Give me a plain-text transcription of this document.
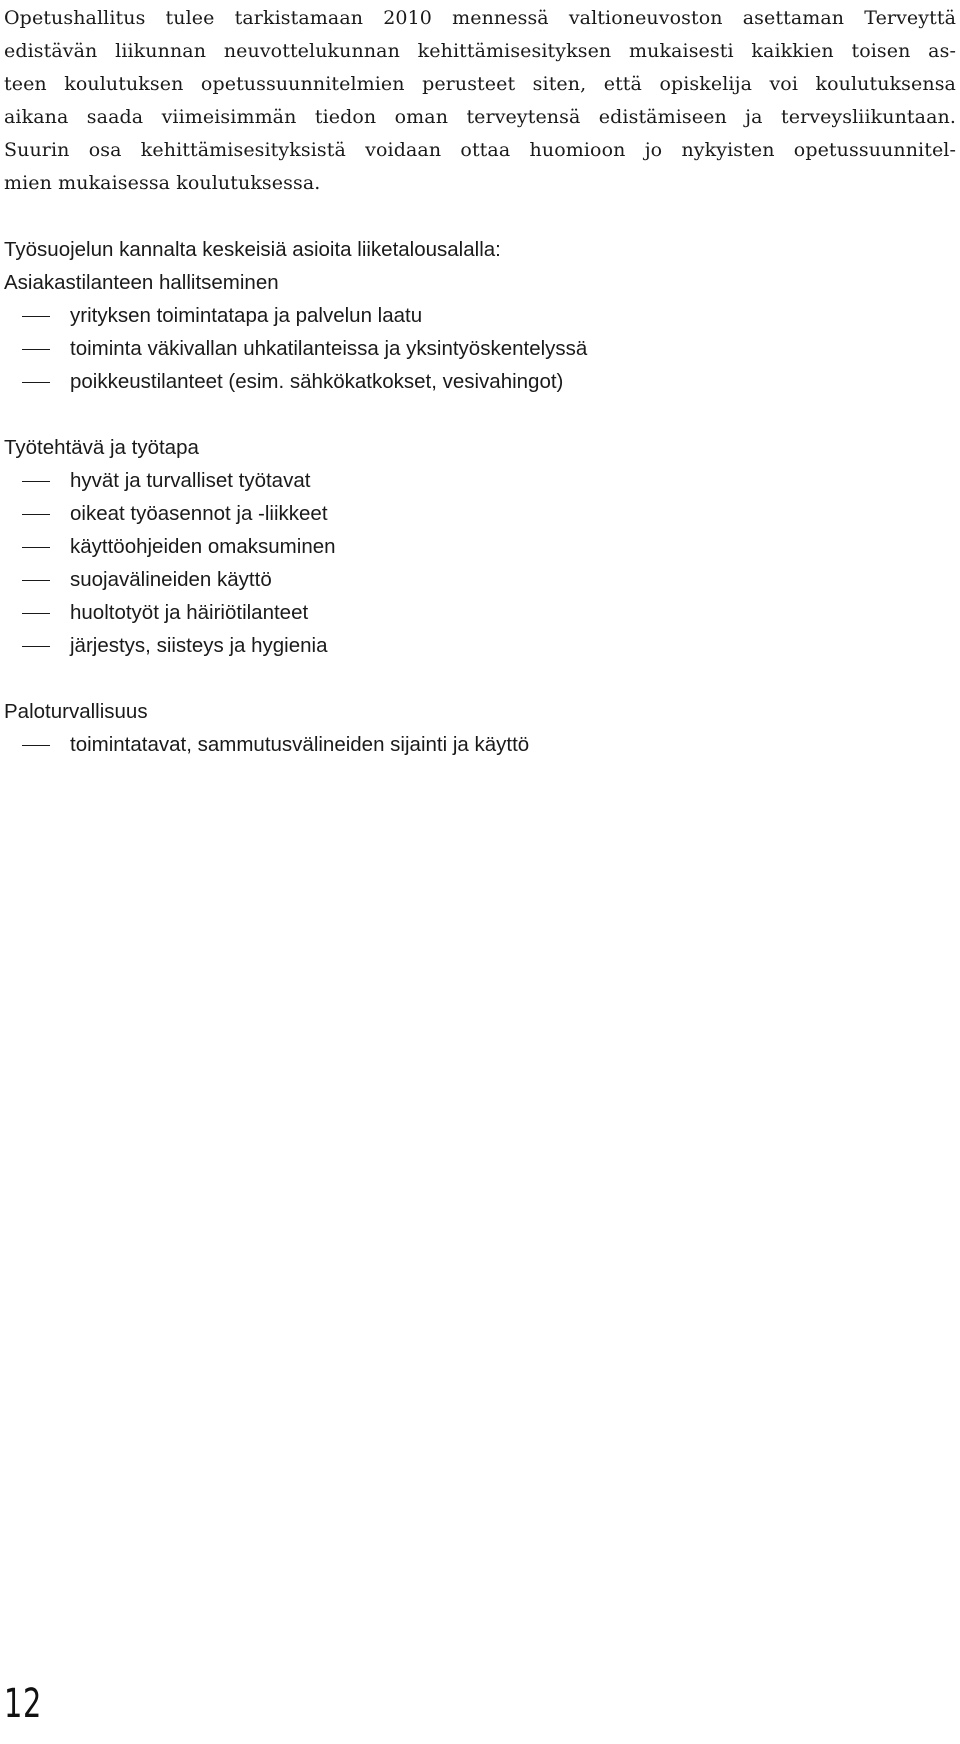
Opetushallitus tulee tarkistamaan 2010 mennessä valtioneuvoston asettaman Terveyttä
edistävän liikunnan neuvottelukunnan kehittämisesityksen mukaisesti kaikkien toisen as-
teen koulutuksen opetussuunnitelmien perusteet siten, että opiskelija voi koulutuksensa
aikana saada viimeisimmän tiedon oman terveytensä edistämiseen ja terveysliikuntaan.
Suurin osa kehittämisesityksistä voidaan ottaa huomioon jo nykyisten opetussuunnitel-
mien mukaisessa koulutuksessa.

Työsuojelun kannalta keskeisiä asioita liiketalousalalla:
Asiakastilanteen hallitseminen
yrityksen toimintatapa ja palvelun laatu
toiminta väkivallan uhkatilanteissa ja yksintyöskentelyssä
poikkeustilanteet (esim. sähkökatkokset, vesivahingot)
Työtehtävä ja työtapa
hyvät ja turvalliset työtavat
oikeat työasennot ja -liikkeet
käyttöohjeiden omaksuminen
suojavälineiden käyttö
huoltotyöt ja häiriötilanteet
järjestys, siisteys ja hygienia
Paloturvallisuus
toimintatavat, sammutusvälineiden sijainti ja käyttö
12
